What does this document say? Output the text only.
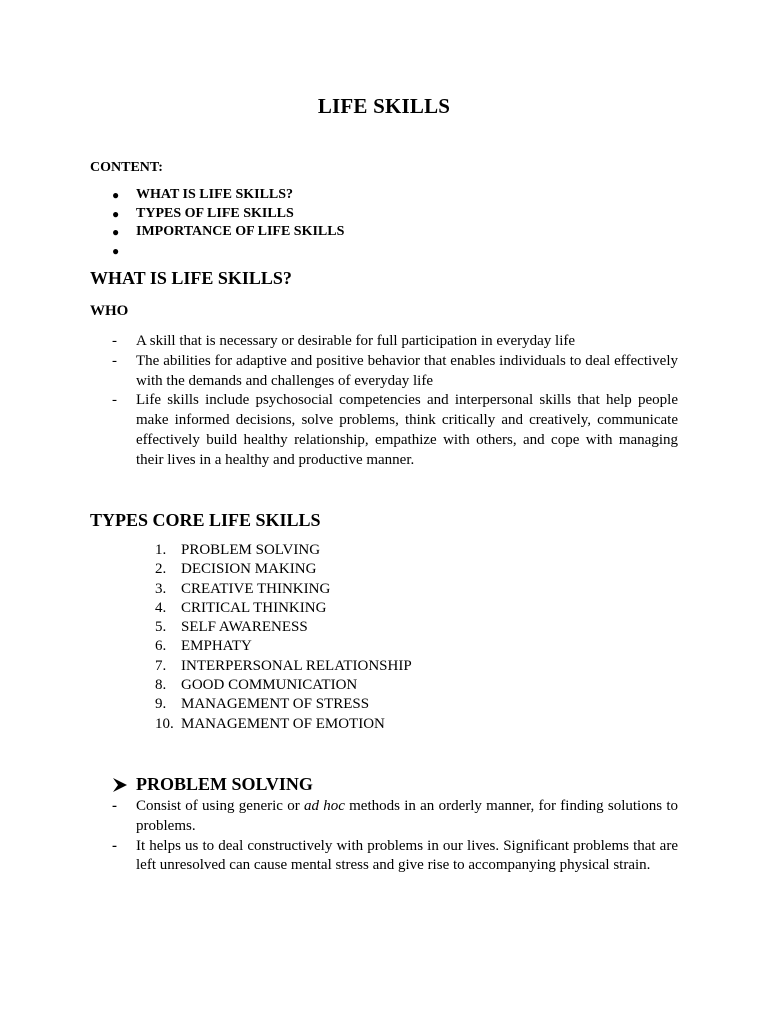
LIFE SKILLS
CONTENT:
●	WHAT IS LIFE SKILLS?
●	TYPES OF LIFE SKILLS
●	IMPORTANCE OF LIFE SKILLS
●
WHAT IS LIFE SKILLS?
WHO
-	A skill that is necessary or desirable for full participation in everyday life
-	The abilities for adaptive and positive behavior that enables individuals to deal effectively with the demands and challenges of everyday life
-	Life skills include psychosocial competencies and interpersonal skills that help people make informed decisions, solve problems, think critically and creatively, communicate effectively build healthy relationship, empathize with others, and cope with managing their lives in a healthy and productive manner.
TYPES CORE LIFE SKILLS
1. PROBLEM SOLVING
2. DECISION MAKING
3. CREATIVE THINKING
4. CRITICAL THINKING
5. SELF AWARENESS
6. EMPHATY
7. INTERPERSONAL RELATIONSHIP
8. GOOD COMMUNICATION
9. MANAGEMENT OF STRESS
10. MANAGEMENT OF EMOTION
PROBLEM SOLVING
-	Consist of using generic or ad hoc methods in an orderly manner, for finding solutions to problems.
-	It helps us to deal constructively with problems in our lives. Significant problems that are left unresolved can cause mental stress and give rise to accompanying physical strain.
